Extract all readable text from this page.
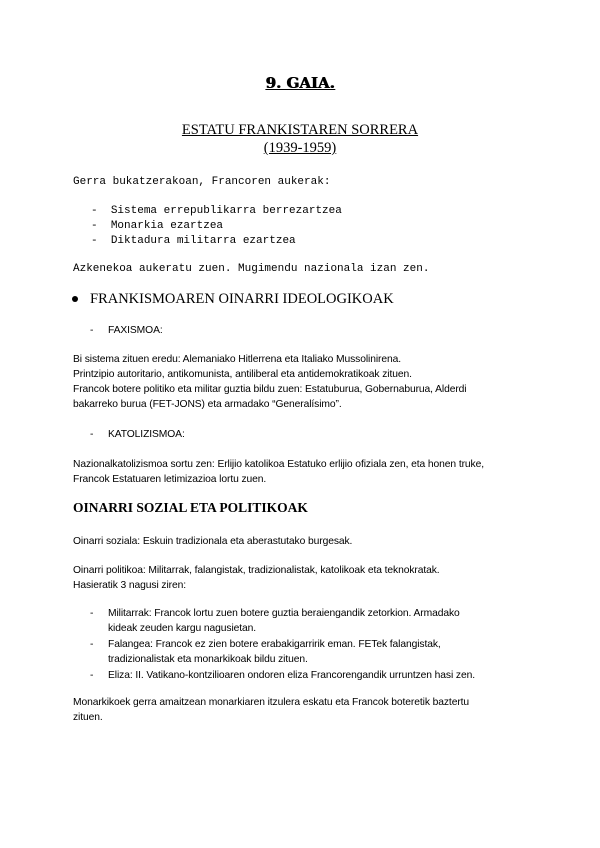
9. GAIA.
ESTATU FRANKISTAREN SORRERA
(1939-1959)
Gerra bukatzerakoan, Francoren aukerak:
- Sistema errepublikarra berrezartzea
- Monarkia ezartzea
- Diktadura militarra ezartzea
Azkenekoa aukeratu zuen. Mugimendu nazionala izan zen.
FRANKISMOAREN OINARRI IDEOLOGIKOAK
- FAXISMOA:

Bi sistema zituen eredu: Alemaniako Hitlerrena eta Italiako Mussolinirena.

Printzipio autoritario, antikomunista, antiliberal eta antidemokratikoak zituen.

Francok botere politiko eta militar guztia bildu zuen: Estatuburua, Gobernaburua, Alderdi

bakarreko burua (FET-JONS) eta armadako “Generalísimo”.

- KATOLIZISMOA:

Nazionalkatolizismoa sortu zen: Erlijio katolikoa Estatuko erlijio ofiziala zen, eta honen truke,

Francok Estatuaren letimizazioa lortu zuen.

OINARRI SOZIAL ETA POLITIKOAK
Oinarri soziala: Eskuin tradizionala eta aberastutako burgesak.

Oinarri politikoa: Militarrak, falangistak, tradizionalistak, katolikoak eta teknokratak.

Hasieratik 3 nagusi ziren:

- Militarrak: Francok lortu zuen botere guztia beraiengandik zetorkion. Armadako
kideak zeuden kargu nagusietan.
- Falangea: Francok ez zien botere erabakigarririk eman. FETek falangistak,
tradizionalistak eta monarkikoak bildu zituen.
- Eliza: II. Vatikano-kontzilioaren ondoren eliza Francorengandik urruntzen hasi zen.

Monarkikoek gerra amaitzean monarkiaren itzulera eskatu eta Francok boteretik baztertu

zituen.
